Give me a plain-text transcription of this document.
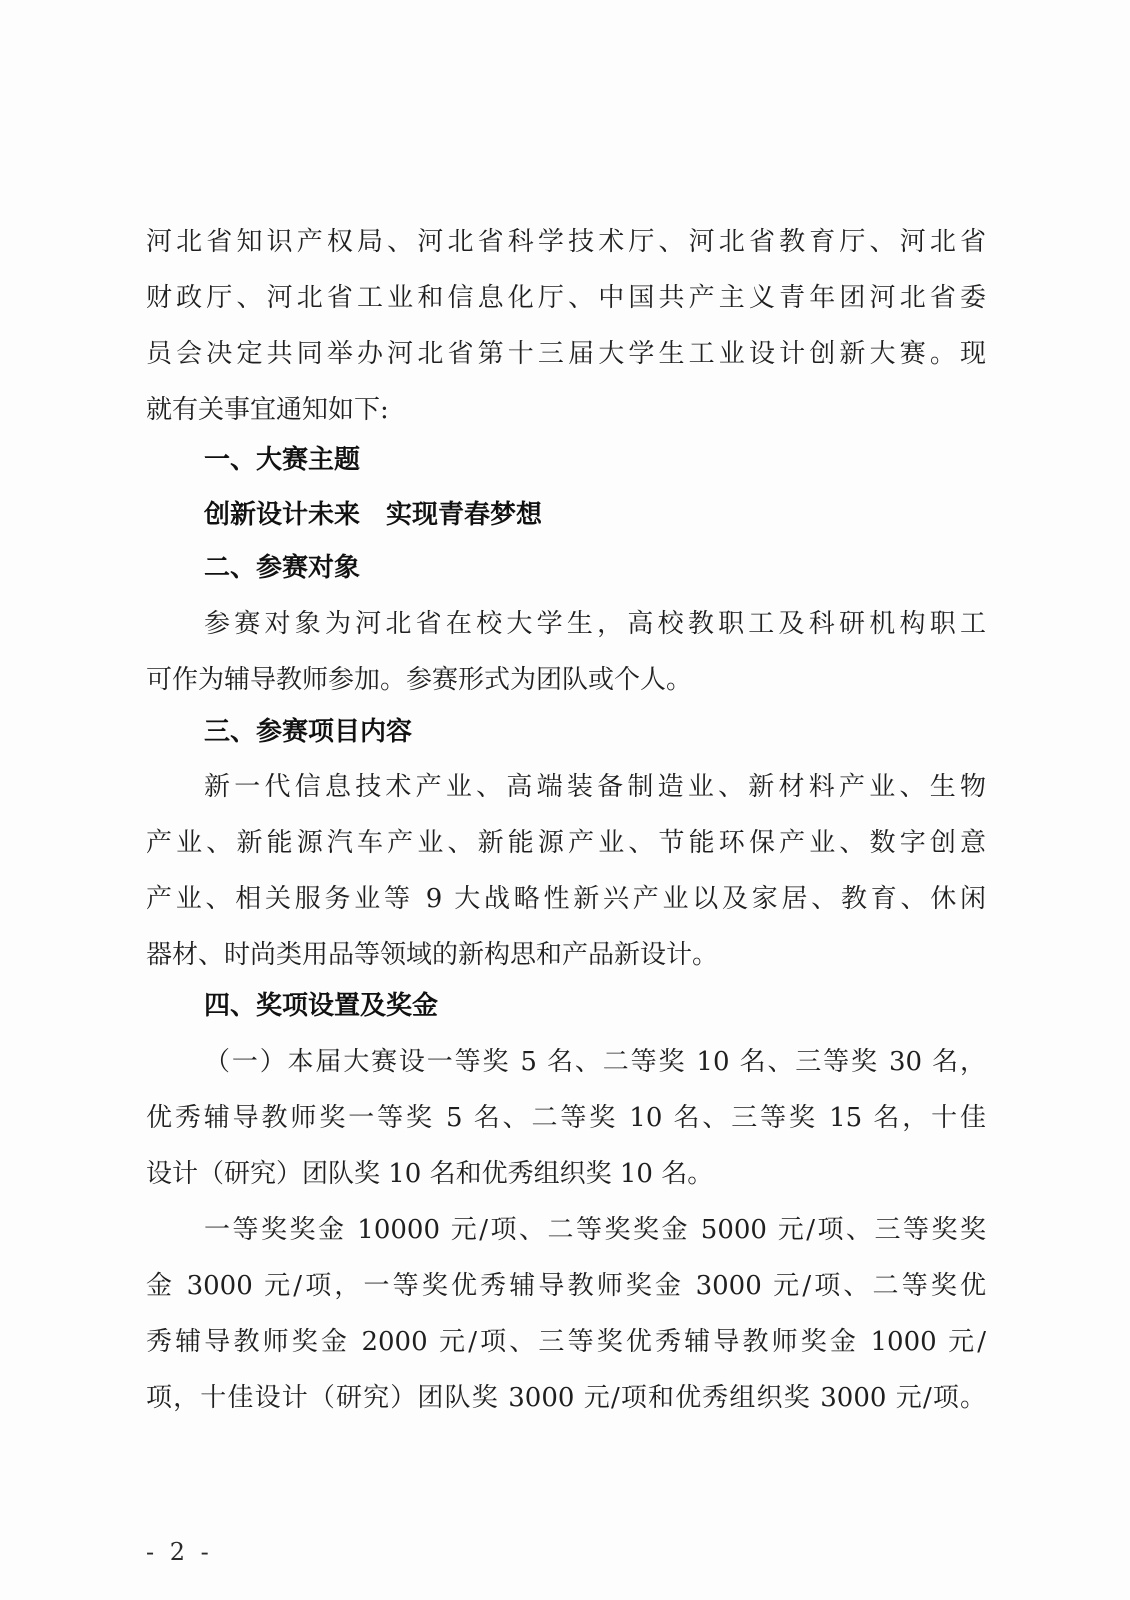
河北省知识产权局、河北省科学技术厅、河北省教育厅、河北省
财政厅、河北省工业和信息化厅、中国共产主义青年团河北省委
员会决定共同举办河北省第十三届大学生工业设计创新大赛。现
就有关事宜通知如下:
一、大赛主题
创新设计未来　实现青春梦想
二、参赛对象
参赛对象为河北省在校大学生，高校教职工及科研机构职工
可作为辅导教师参加。参赛形式为团队或个人。
三、参赛项目内容
新一代信息技术产业、高端装备制造业、新材料产业、生物
产业、新能源汽车产业、新能源产业、节能环保产业、数字创意
产业、相关服务业等 9 大战略性新兴产业以及家居、教育、休闲
器材、时尚类用品等领域的新构思和产品新设计。
四、奖项设置及奖金
（一）本届大赛设一等奖 5 名、二等奖 10 名、三等奖 30 名，
优秀辅导教师奖一等奖 5 名、二等奖 10 名、三等奖 15 名，十佳
设计（研究）团队奖 10 名和优秀组织奖 10 名。
一等奖奖金 10000 元/项、二等奖奖金 5000 元/项、三等奖奖
金 3000 元/项，一等奖优秀辅导教师奖金 3000 元/项、二等奖优
秀辅导教师奖金 2000 元/项、三等奖优秀辅导教师奖金 1000 元/
项，十佳设计（研究）团队奖 3000 元/项和优秀组织奖 3000 元/项。
- 2 -
